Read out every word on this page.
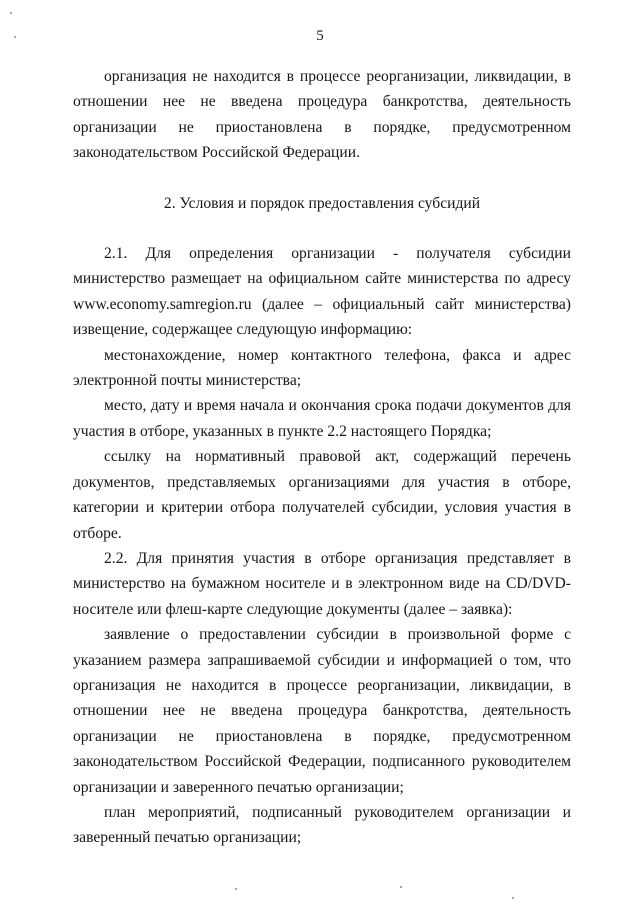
5

организация не находится в процессе реорганизации, ликвидации, в отношении нее не введена процедура банкротства, деятельность организации не приостановлена в порядке, предусмотренном законодательством Российской Федерации.

2. Условия и порядок предоставления субсидий

2.1. Для определения организации - получателя субсидии министерство размещает на официальном сайте министерства по адресу www.economy.samregion.ru (далее – официальный сайт министерства) извещение, содержащее следующую информацию:

местонахождение, номер контактного телефона, факса и адрес электронной почты министерства;

место, дату и время начала и окончания срока подачи документов для участия в отборе, указанных в пункте 2.2 настоящего Порядка;

ссылку на нормативный правовой акт, содержащий перечень документов, представляемых организациями для участия в отборе, категории и критерии отбора получателей субсидии, условия участия в отборе.

2.2. Для принятия участия в отборе организация представляет в министерство на бумажном носителе и в электронном виде на CD/DVD-носителе или флеш-карте следующие документы (далее – заявка):

заявление о предоставлении субсидии в произвольной форме с указанием размера запрашиваемой субсидии и информацией о том, что организация не находится в процессе реорганизации, ликвидации, в отношении нее не введена процедура банкротства, деятельность организации не приостановлена в порядке, предусмотренном законодательством Российской Федерации, подписанного руководителем организации и заверенного печатью организации;

план мероприятий, подписанный руководителем организации и заверенный печатью организации;
